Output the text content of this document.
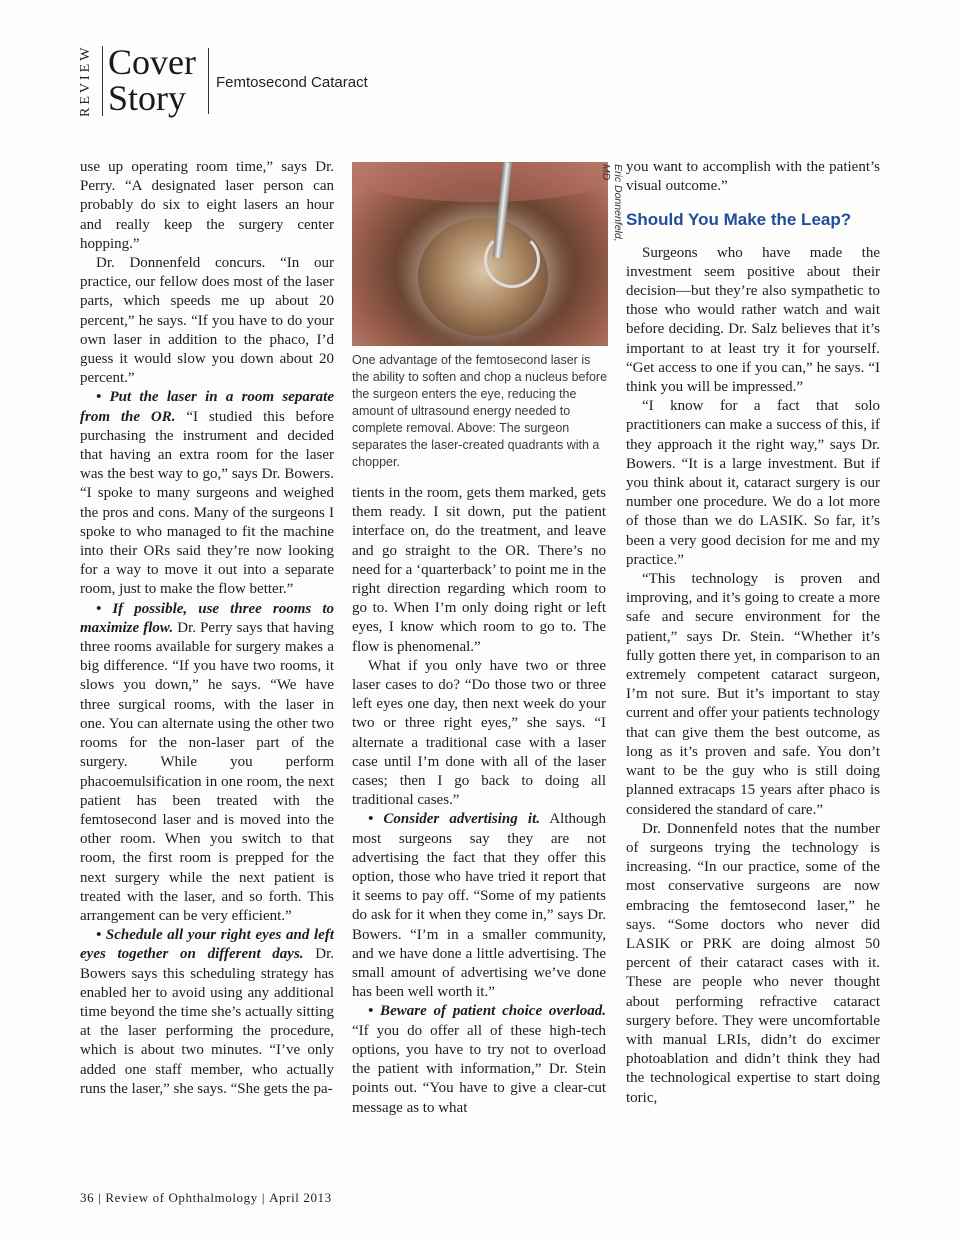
REVIEW Cover
Story Femtosecond Cataract

use up operating room time,” says Dr. Perry. “A designated laser person can probably do six to eight lasers an hour and really keep the surgery center hopping.”

Dr. Donnenfeld concurs. “In our practice, our fellow does most of the laser parts, which speeds me up about 20 percent,” he says. “If you have to do your own laser in addition to the phaco, I’d guess it would slow you down about 20 percent.”

• Put the laser in a room separate from the OR. “I studied this before purchasing the instrument and decided that having an extra room for the laser was the best way to go,” says Dr. Bowers. “I spoke to many surgeons and weighed the pros and cons. Many of the surgeons I spoke to who managed to fit the machine into their ORs said they’re now looking for a way to move it out into a separate room, just to make the flow better.”

• If possible, use three rooms to maximize flow. Dr. Perry says that having three rooms available for surgery makes a big difference. “If you have two rooms, it slows you down,” he says. “We have three surgical rooms, with the laser in one. You can alternate using the other two rooms for the non-laser part of the surgery. While you perform phacoemulsification in one room, the next patient has been treated with the femtosecond laser and is moved into the other room. When you switch to that room, the first room is prepped for the next surgery while the next patient is treated with the laser, and so forth. This arrangement can be very efficient.”

• Schedule all your right eyes and left eyes together on different days. Dr. Bowers says this scheduling strategy has enabled her to avoid using any additional time beyond the time she’s actually sitting at the laser performing the procedure, which is about two minutes. “I’ve only added one staff member, who actually runs the laser,” she says. “She gets the pa-

Eric Donnenfeld, MD
One advantage of the femtosecond laser is the ability to soften and chop a nucleus before the surgeon enters the eye, reducing the amount of ultrasound energy needed to complete removal. Above: The surgeon separates the laser-created quadrants with a chopper.

tients in the room, gets them marked, gets them ready. I sit down, put the patient interface on, do the treatment, and leave and go straight to the OR. There’s no need for a ‘quarterback’ to point me in the right direction regarding which room to go to. When I’m only doing right or left eyes, I know which room to go to. The flow is phenomenal.”

What if you only have two or three laser cases to do? “Do those two or three left eyes one day, then next week do your two or three right eyes,” she says. “I alternate a traditional case with a laser case until I’m done with all of the laser cases; then I go back to doing all traditional cases.”

• Consider advertising it. Although most surgeons say they are not advertising the fact that they offer this option, those who have tried it report that it seems to pay off. “Some of my patients do ask for it when they come in,” says Dr. Bowers. “I’m in a smaller community, and we have done a little advertising. The small amount of advertising we’ve done has been well worth it.”

• Beware of patient choice overload. “If you do offer all of these high-tech options, you have to try not to overload the patient with information,” Dr. Stein points out. “You have to give a clear-cut message as to what

you want to accomplish with the patient’s visual outcome.”

Should You Make the Leap?

Surgeons who have made the investment seem positive about their decision—but they’re also sympathetic to those who would rather watch and wait before deciding. Dr. Salz believes that it’s important to at least try it for yourself. “Get access to one if you can,” he says. “I think you will be impressed.”

“I know for a fact that solo practitioners can make a success of this, if they approach it the right way,” says Dr. Bowers. “It is a large investment. But if you think about it, cataract surgery is our number one procedure. We do a lot more of those than we do LASIK. So far, it’s been a very good decision for me and my practice.”

“This technology is proven and improving, and it’s going to create a more safe and secure environment for the patient,” says Dr. Stein. “Whether it’s fully gotten there yet, in comparison to an extremely competent cataract surgeon, I’m not sure. But it’s important to stay current and offer your patients technology that can give them the best outcome, as long as it’s proven and safe. You don’t want to be the guy who is still doing planned extracaps 15 years after phaco is considered the standard of care.”

Dr. Donnenfeld notes that the number of surgeons trying the technology is increasing. “In our practice, some of the most conservative surgeons are now embracing the femtosecond laser,” he says. “Some doctors who never did LASIK or PRK are doing almost 50 percent of their cataract cases with it. These are people who never thought about performing refractive cataract surgery before. They were uncomfortable with manual LRIs, didn’t do excimer photoablation and didn’t think they had the technological expertise to start doing toric,

36 | Review of Ophthalmology | April 2013
